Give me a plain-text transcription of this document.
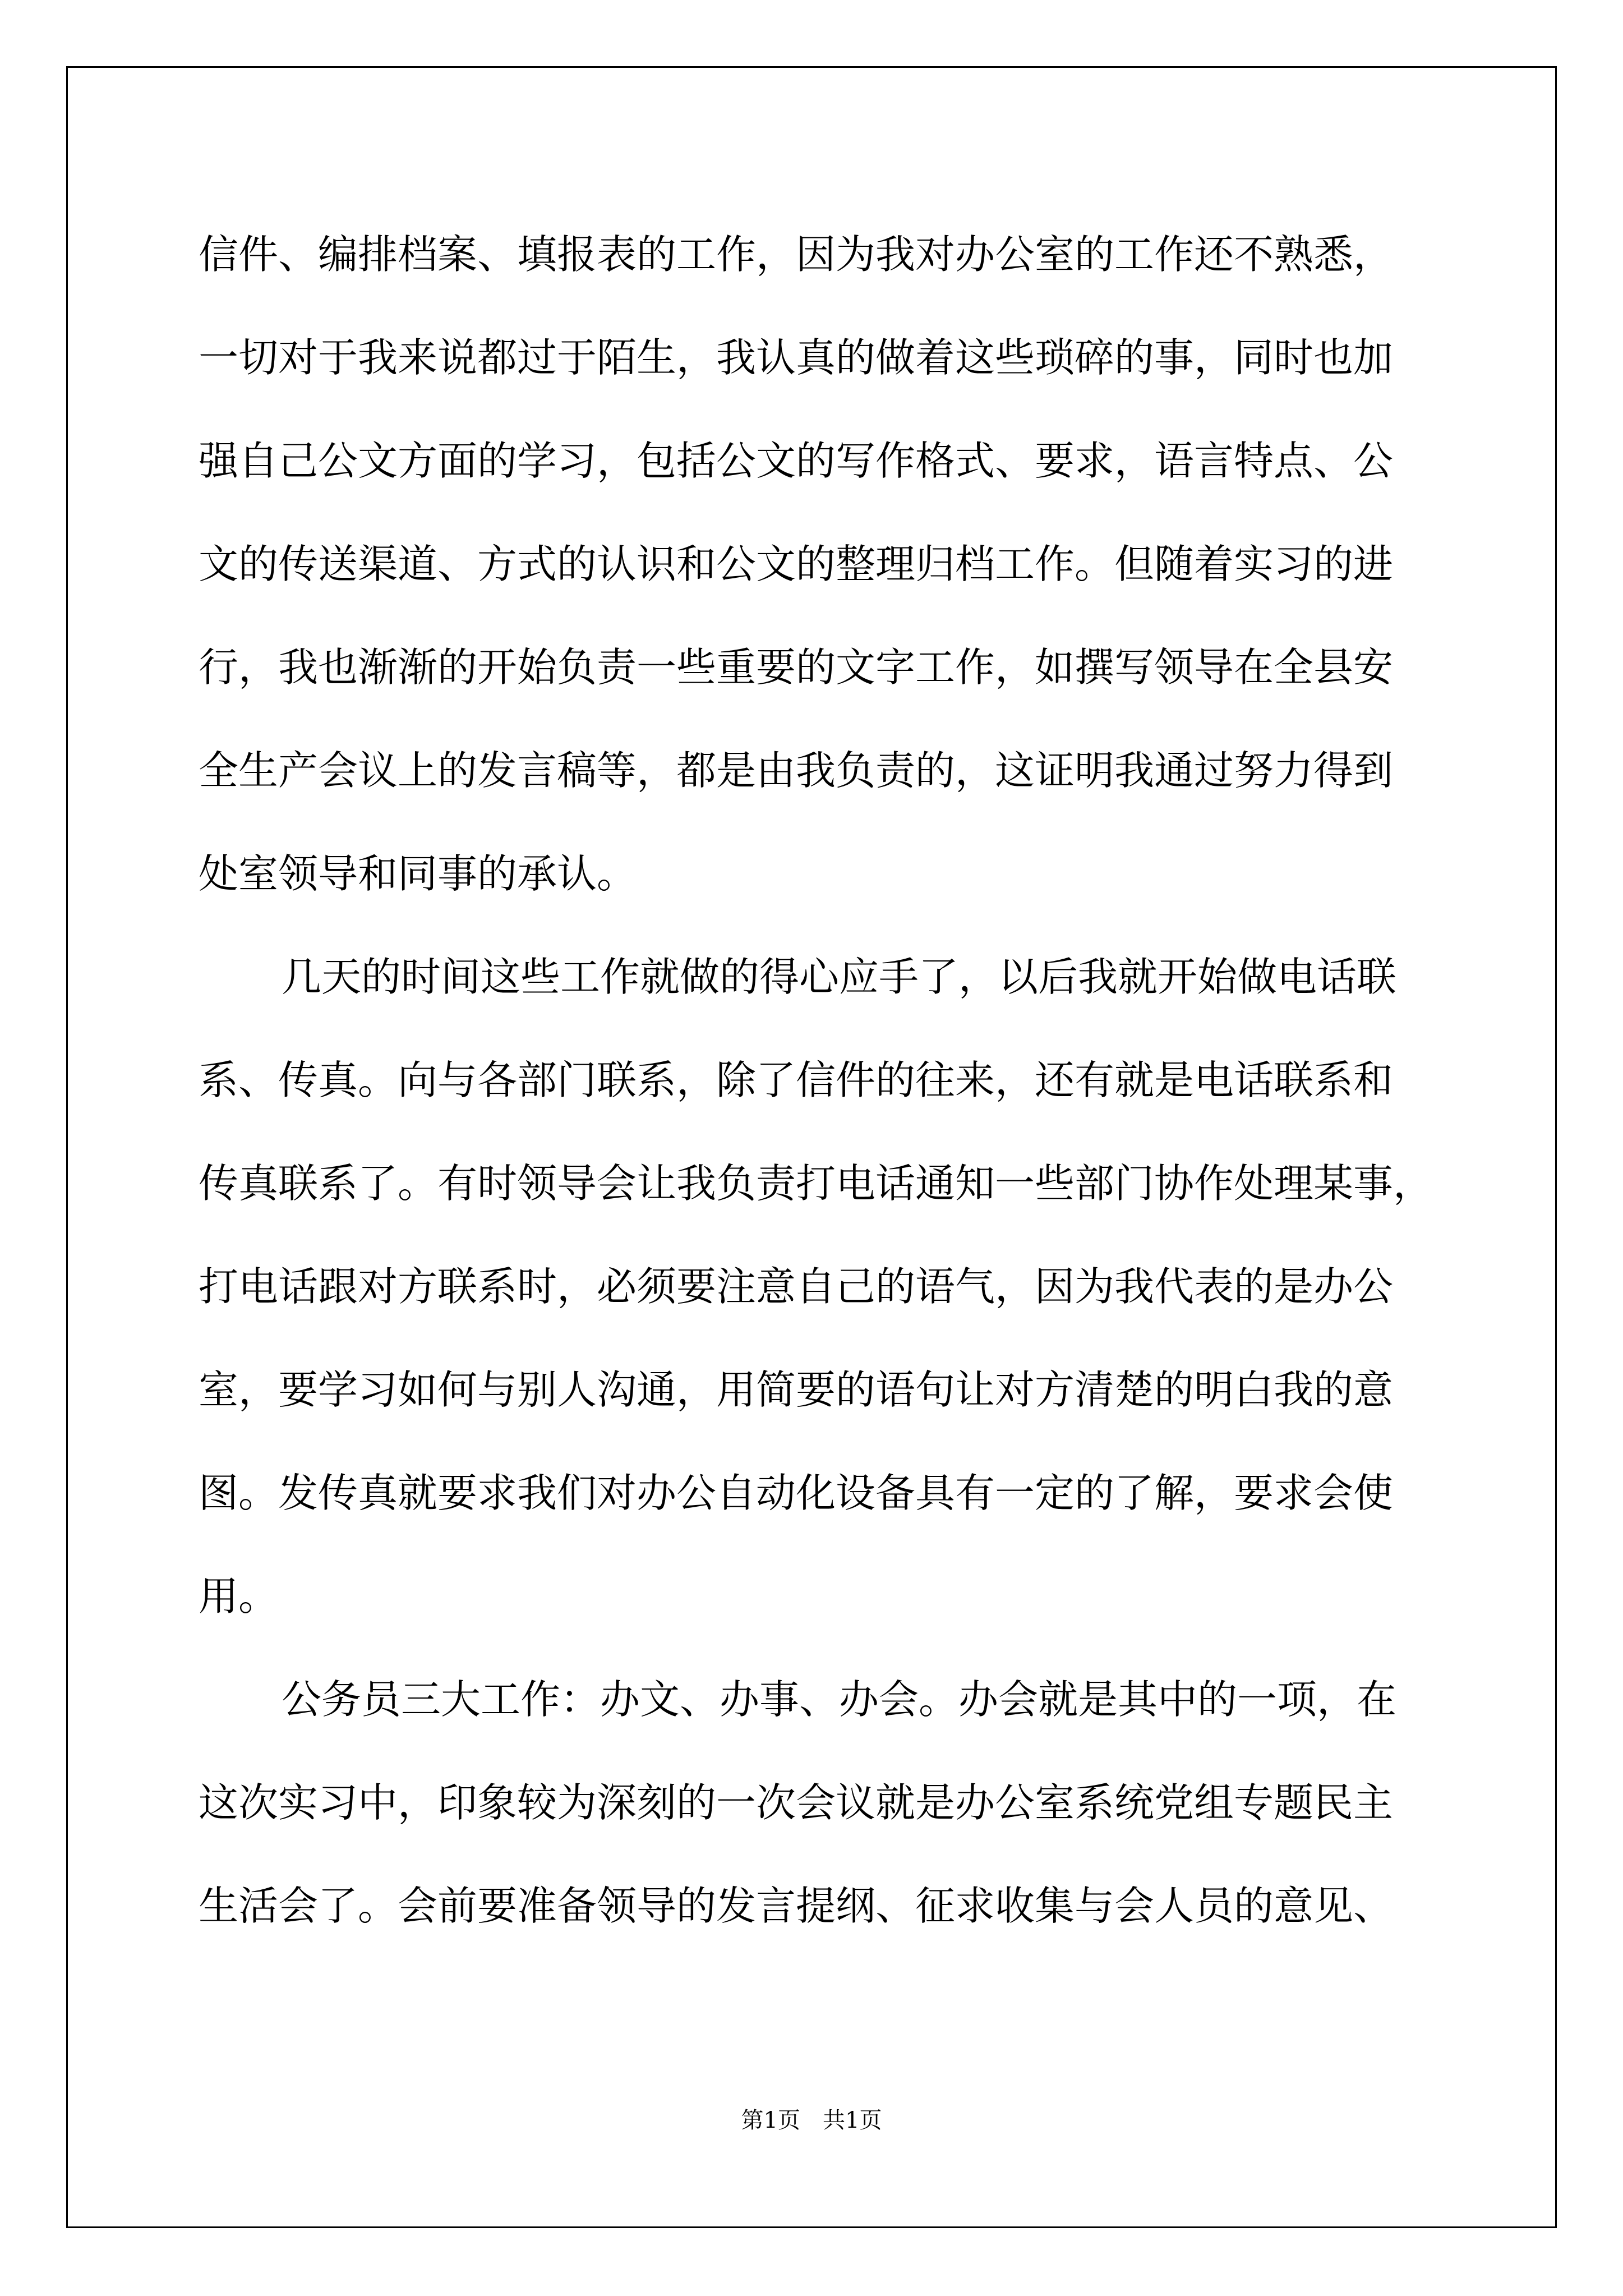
信件、编排档案、填报表的工作，因为我对办公室的工作还不熟悉，
一切对于我来说都过于陌生，我认真的做着这些琐碎的事，同时也加
强自己公文方面的学习，包括公文的写作格式、要求，语言特点、公
文的传送渠道、方式的认识和公文的整理归档工作。但随着实习的进
行，我也渐渐的开始负责一些重要的文字工作，如撰写领导在全县安
全生产会议上的发言稿等，都是由我负责的，这证明我通过努力得到
处室领导和同事的承认。
几天的时间这些工作就做的得心应手了，以后我就开始做电话联
系、传真。向与各部门联系，除了信件的往来，还有就是电话联系和
传真联系了。有时领导会让我负责打电话通知一些部门协作处理某事，
打电话跟对方联系时，必须要注意自己的语气，因为我代表的是办公
室，要学习如何与别人沟通，用简要的语句让对方清楚的明白我的意
图。发传真就要求我们对办公自动化设备具有一定的了解，要求会使
用。
公务员三大工作：办文、办事、办会。办会就是其中的一项，在
这次实习中，印象较为深刻的一次会议就是办公室系统党组专题民主
生活会了。会前要准备领导的发言提纲、征求收集与会人员的意见、
第1页　共1页
